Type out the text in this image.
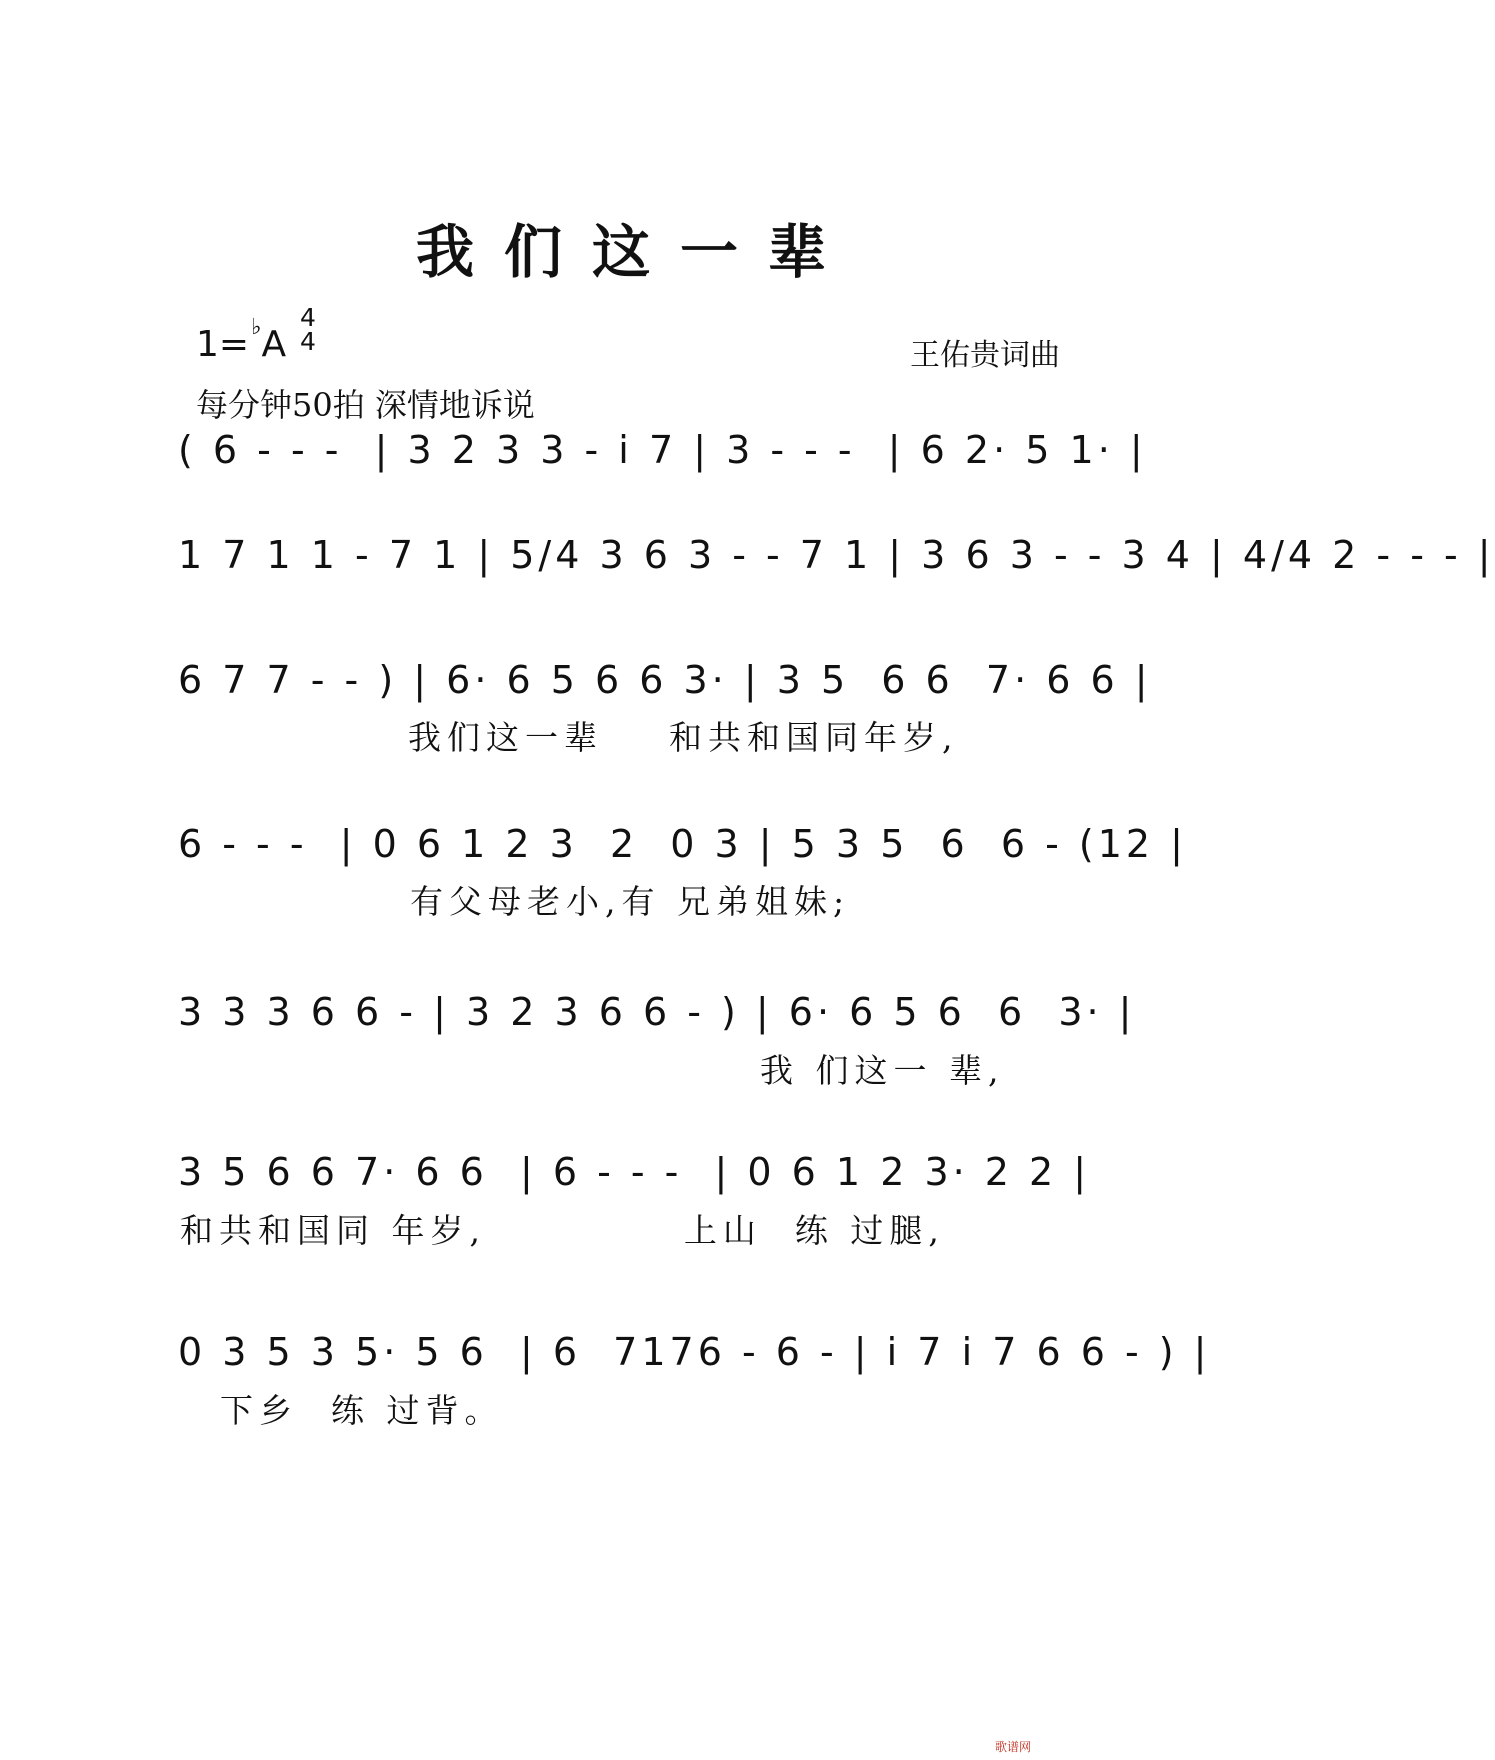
我们这一辈
1=♭A
4
4	王佑贵词曲
每分钟50拍 深情地诉说
( 6 - - -  | 3 2 3 3 - i 7 | 3 - - -  | 6 2· 5 1· |
1 7 1 1 - 7 1 | 5/4 3 6 3 - - 7 1 | 3 6 3 - - 3 4 | 4/4 2 - - - |
6 7 7 - - ) | 6· 6 5 6 6 3· | 3 5  6 6  7· 6 6 |
我们这一辈    和共和国同年岁,
6 - - -  | 0 6 1 2 3  2  0 3 | 5 3 5  6  6 - (12 |
有父母老小,有 兄弟姐妹;
3 3 3 6 6 - | 3 2 3 6 6 - ) | 6· 6 5 6  6  3· |
我 们这一 辈,
3 5 6 6 7· 6 6  | 6 - - -  | 0 6 1 2 3· 2 2 |
和共和国同 年岁,            上山  练 过腿,
0 3 5 3 5· 5 6  | 6  7176 - 6 - | i 7 i 7 6 6 - ) |
下乡  练 过背。
歌谱网
